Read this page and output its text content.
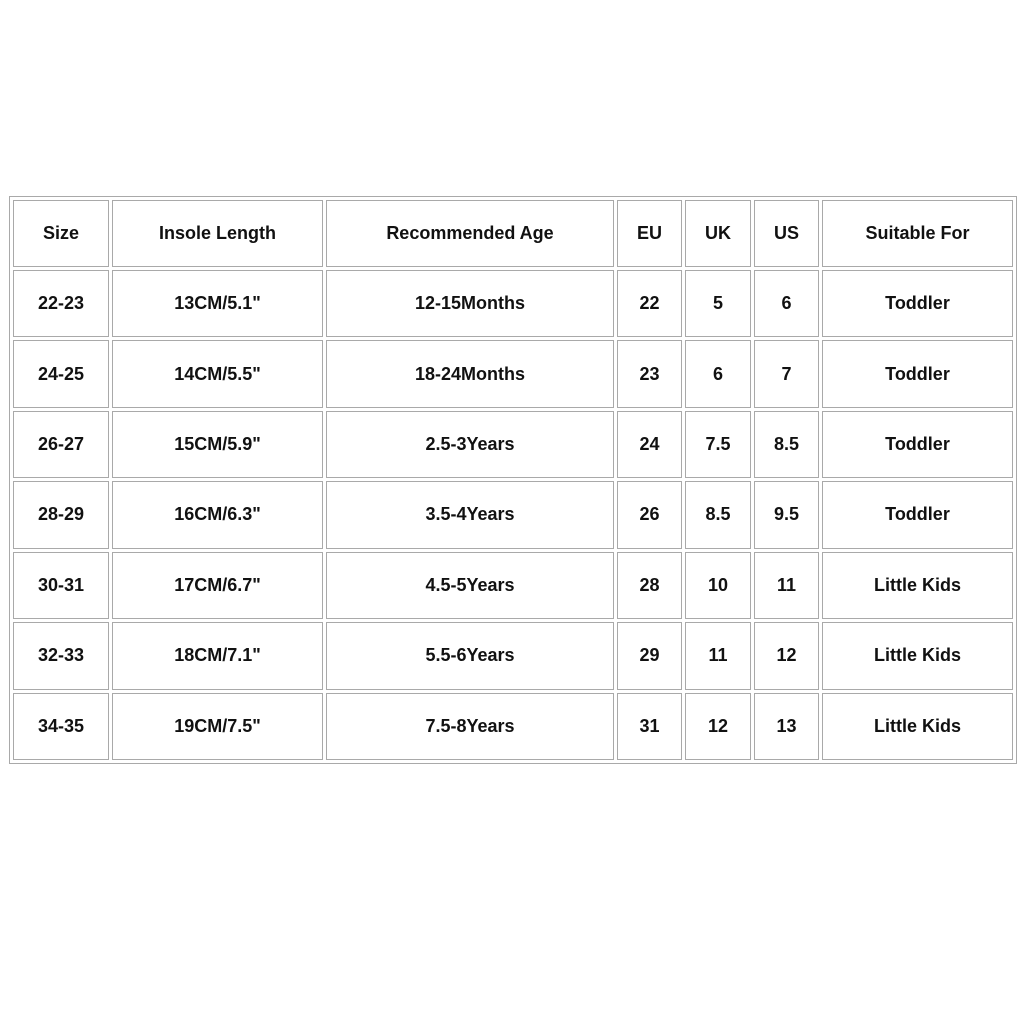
Size	Insole Length	Recommended Age	EU	UK	US	Suitable For
22-23	13CM/5.1"	12-15Months	22	5	6	Toddler
24-25	14CM/5.5"	18-24Months	23	6	7	Toddler
26-27	15CM/5.9"	2.5-3Years	24	7.5	8.5	Toddler
28-29	16CM/6.3"	3.5-4Years	26	8.5	9.5	Toddler
30-31	17CM/6.7"	4.5-5Years	28	10	11	Little Kids
32-33	18CM/7.1"	5.5-6Years	29	11	12	Little Kids
34-35	19CM/7.5"	7.5-8Years	31	12	13	Little Kids
